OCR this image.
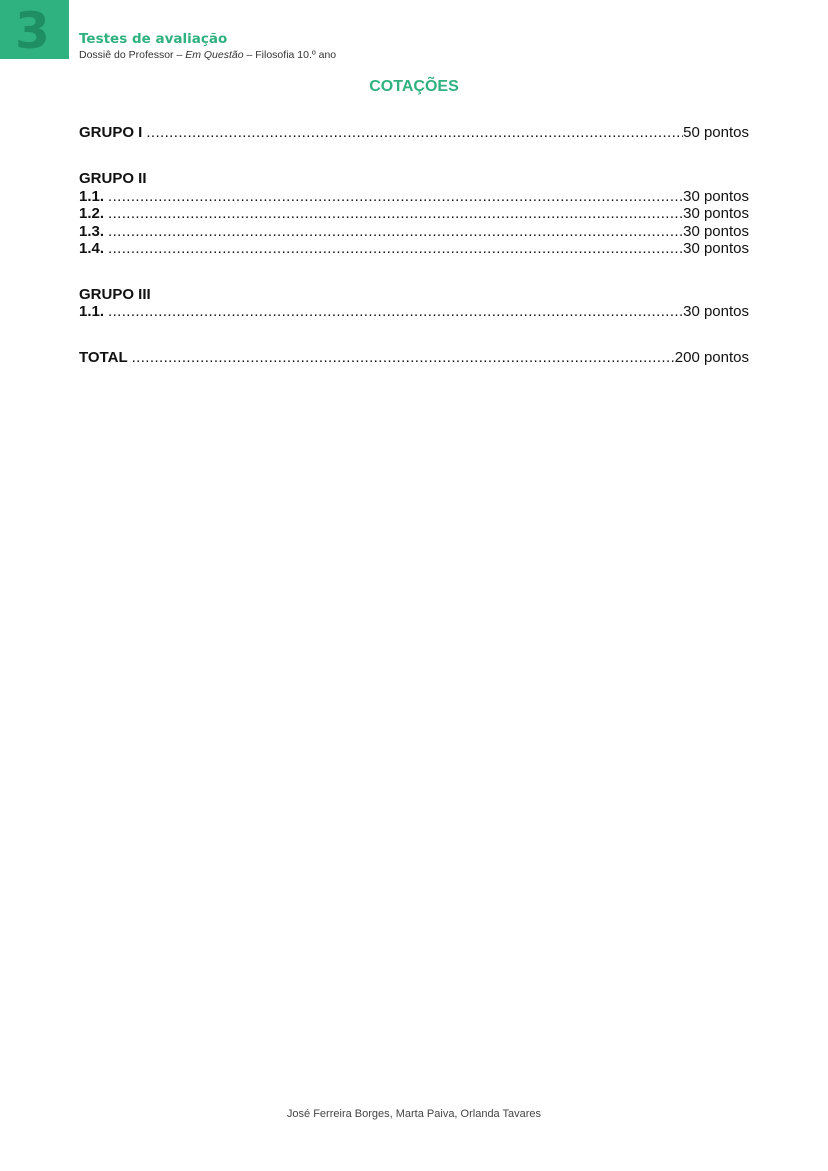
3 Testes de avaliação
Dossiê do Professor – Em Questão – Filosofia 10.º ano
COTAÇÕES
GRUPO I .....	50 pontos
GRUPO II
1.1. .....	30 pontos
1.2. .....	30 pontos
1.3. .....	30 pontos
1.4. .....	30 pontos
GRUPO III
1.1. .....	30 pontos
TOTAL .....	200 pontos
José Ferreira Borges, Marta Paiva, Orlanda Tavares
